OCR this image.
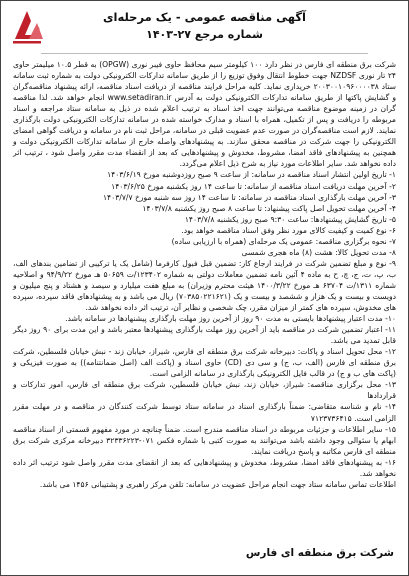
آگهی مناقصه عمومی - یک مرحله‌ای
شماره مرجع ۲۷-۱۴۰۳

شرکت برق منطقه ای فارس در نظر دارد ۱۰۰ کیلومتر سیم محافظ حاوی فیبر نوری (OPGW) به قطر ۱۰.۵ میلیمتر حاوی ۲۴ تار نوری NZDSF جهت خطوط انتقال وفوق توزیع را از طریق سامانه تدارکات الکترونیکی دولت به شماره ثبت سامانه ستاد ۲۰۰۳۰۰۱۰۹۶۰۰۰۰۳۸ خریداری نماید. کلیه مراحل فرایند مناقصه از دریافت اسناد مناقصه، ارائه پیشنهاد مناقصه‌گران و گشایش پاکتها از طریق سامانه تدارکات الکترونیکی دولت به آدرس www.setadiran.ir انجام خواهد شد. لذا مناقصه گران در زمینه موضوع مناقصه می‌توانند جهت اخذ اسناد به ترتیب اعلام شده در ذیل به سامانه ستاد مراجعه و اسناد مربوطه را دریافت و پس از تکمیل، همراه با اسناد و مدارک خواسته شده در سامانه تدارکات الکترونیکی دولت بارگذاری نمایند. لازم است مناقصه‌گران در صورت عدم عضویت قبلی در سامانه، مراحل ثبت نام در سامانه و دریافت گواهی امضای الکترونیکی را جهت شرکت در مناقصه محقق سازند. به پیشنهادهای واصله خارج از سامانه تدارکات الکترونیکی دولت و همچنین به پیشنهادهای فاقد امضا، مشروط، مخدوش و پیشنهادهایی که بعد از انقضاء مدت مقرر واصل شود ، ترتیب اثر داده نخواهد شد. سایر اطلاعات مورد نیاز به شرح ذیل اعلام می‌گردد.

۱- تاریخ اولین انتشار اسناد مناقصه در سامانه: از ساعت ۹ صبح روزدوشنبه مورخ ۱۴۰۳/۶/۱۹

۲- آخرین مهلت دریافت اسناد مناقصه از سامانه: تا ساعت ۱۴ روز یکشنبه مورخ ۱۴۰۳/۶/۲۵

۳- آخرین مهلت بارگذاری اسناد مناقصه در سامانه: تا ساعت ۱۴ روز سه شنبه مورخ ۱۴۰۳/۷/۷

۴- آخرین مهلت تحویل اصل پاکت پیشنهاد: تا ساعت ۸ صبح روز یکشنبه ۱۴۰۳/۷/۸

۵- تاریخ گشایش پیشنهادها: ساعت ۹:۳۰ صبح روز یکشنبه ۱۴۰۳/۷/۸

۶- نوع کمیت و کیفیت کالای مورد نظر وفق اسناد مناقصه خواهد بود.

۷- نحوه برگزاری مناقصه: عمومی یک مرحله‌ای (همراه با ارزیابی ساده)

۸- مدت تحویل کالا: هشت (۸) ماه هجری شمسی

۹- نوع و مبلغ تضمین شرکت در فرایند ارجاع کار: تضمین قبل فبول کارفرما (شامل یک یا ترکیبی از تضامین بندهای الف، ب، پ، ت، ج، چ، ح به ماده ۴ آئین نامه تضمین معاملات دولتی به شماره ۱۲۳۴۰۲/ت ۵۰۶۵۹ هـ مورخ ۹۴/۹/۲۲ و اصلاحیه شماره ۱۳۱۱/ت ۶۳۷۰۴ هـ مورخ ۱۴۰۰/۳/۲۲ هیئت محترم وزیران) به مبلغ هفت میلیارد و سیصد و هشتاد و پنج میلیون و دویست و بیست و یک هزار و ششصد و بیست و یک (۷۰۳۸۵۰۲۲۱۶۲۱) ریال می باشد و به پیشنهادهای فاقد سپرده، سپرده های مخدوش، سپرده های کمتر از میزان مقرر، چک شخصی و نظایر آن، ترتیب اثر داده نخواهد شد.

۱۰- مدت اعتبار پیشنهادها بایستی به مدت ۹۰ روز از آخرین روز مهلت بارگذاری پیشنهادها در سامانه باشد.

۱۱- اعتبار تضمین شرکت در مناقصه باید از آخرین روز مهلت بارگذاری پیشنهادها معتبر باشد و این مدت برای ۹۰ روز دیگر قابل تمدید می باشد.

۱۲- محل تحویل اسناد و پاکات: دبیرخانه شرکت برق منطقه ای فارس، شیراز، خیابان زند - نبش خیابان فلسطین، شرکت برق منطقه ای فارس (الف، ب، ج) و سی دی (CD) حاوی اسناد و (پاکت الف (اصل ضمانتنامه)) به صورت فیزیکی و (پاکت های ب و ج) در قالب فایل الکترونیکی بارگذاری در سامانه الزامی است.

۱۳- محل برگزاری مناقصه: شیراز، خیابان زند، نبش خیابان فلسطین، شرکت برق منطقه ای فارس، امور تدارکات و قراردادها

۱۴- نام و شناسه متقاضی: ضمناً بارگذاری اسناد در سامانه ستاد توسط شرکت کنندگان در مناقصه و در مهلت مقرر الزامی است. ۷۱۲۳۷۳۶۴۱۵

۱۵- سایر اطلاعات و جزئیات مربوطه در اسناد مناقصه مندرج است. ضمناً چنانچه در مورد مفهوم قسمتی از اسناد مناقصه ابهام یا سئوالی وجود داشته باشد می‌توانند به صورت کتبی با شماره فکس ۰۷۱-۳۲۳۳۶۲۲۳ دبیرخانه مرکزی شرکت برق منطقه ای فارس مکاتبه و پاسخ دریافت نمایند.

۱۶- به پیشنهادهای فاقد امضا، مشروط، مخدوش و پیشنهادهایی که بعد از انقضای مدت مقرر واصل شود ترتیب اثر داده نخواهد شد.

اطلاعات تماس سامانه ستاد جهت انجام مراحل عضویت در سامانه: تلفن مرکز راهبری و پشتیبانی ۱۴۵۶ می باشد.

شرکت برق منطقه ای فارس
